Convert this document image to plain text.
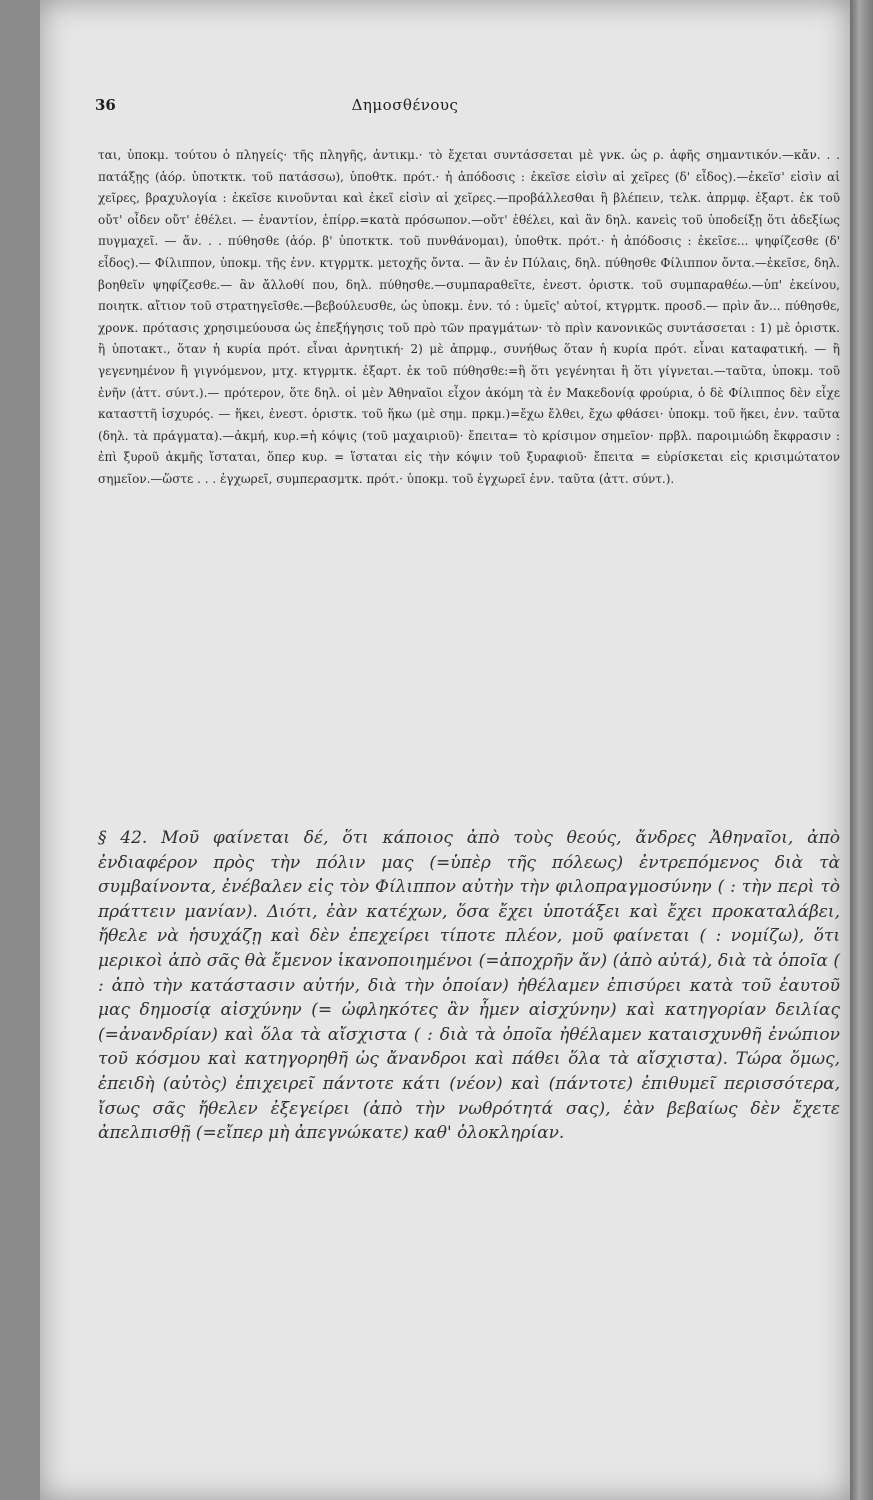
36	Δημοσθένους

ται, ὑποκμ. τούτου ὁ πληγείς· τῆς πληγῆς, ἀντικμ.· τὸ ἔχεται συντάσσεται μὲ γνκ. ὡς ρ. ἁφῆς σημαντικόν.—κἄν. . . πατάξῃς (ἀόρ. ὑποτκτκ. τοῦ πατάσσω), ὑποθτκ. πρότ.· ἡ ἀπόδοσις : ἐκεῖσε εἰσὶν αἱ χεῖρες (δ' εἶδος).—ἐκεῖσ' εἰσὶν αἱ χεῖρες, βραχυλογία : ἐκεῖσε κινοῦνται καὶ ἐκεῖ εἰσὶν αἱ χεῖρες.—προβάλλεσθαι ἢ βλέπειν, τελκ. ἀπρμφ. ἐξαρτ. ἐκ τοῦ οὔτ' οἶδεν οὔτ' ἐθέλει. — ἐναντίον, ἐπίρρ.=κατὰ πρόσωπον.—οὔτ' ἐθέλει, καὶ ἂν δηλ. κανεὶς τοῦ ὑποδείξῃ ὅτι ἀδεξίως πυγμαχεῖ. — ἄν. . . πύθησθε (ἀόρ. β' ὑποτκτκ. τοῦ πυνθάνομαι), ὑποθτκ. πρότ.· ἡ ἀπόδοσις : ἐκεῖσε... ψηφίζεσθε (δ' εἶδος).— Φίλιππον, ὑποκμ. τῆς ἐνν. κτγρμτκ. μετοχῆς ὄντα. — ἂν ἐν Πύλαις, δηλ. πύθησθε Φίλιππον ὄντα.—ἐκεῖσε, δηλ. βοηθεῖν ψηφίζεσθε.— ἂν ἄλλοθί που, δηλ. πύθησθε.—συμπαραθεῖτε, ἐνεστ. ὁριστκ. τοῦ συμπαραθέω.—ὑπ' ἐκείνου, ποιητκ. αἴτιον τοῦ στρατηγεῖσθε.—βεβούλευσθε, ὡς ὑποκμ. ἐνν. τό : ὑμεῖς' αὐτοί, κτγρμτκ. προσδ.— πρὶν ἄν... πύθησθε, χρονκ. πρότασις χρησιμεύουσα ὡς ἐπεξήγησις τοῦ πρὸ τῶν πραγμάτων· τὸ πρὶν κανονικῶς συντάσσεται : 1) μὲ ὁριστκ. ἢ ὑποτακτ., ὅταν ἡ κυρία πρότ. εἶναι ἀρνητική· 2) μὲ ἀπρμφ., συνήθως ὅταν ἡ κυρία πρότ. εἶναι καταφατική. — ἢ γεγενημένον ἢ γιγνόμενον, μτχ. κτγρμτκ. ἐξαρτ. ἐκ τοῦ πύθησθε:=ἢ ὅτι γεγένηται ἢ ὅτι γίγνεται.—ταῦτα, ὑποκμ. τοῦ ἐνῆν (ἀττ. σύντ.).— πρότερον, ὅτε δηλ. οἱ μὲν Ἀθηναῖοι εἶχον ἀκόμη τὰ ἐν Μακεδονίᾳ φρούρια, ὁ δὲ Φίλιππος δὲν εἶχε κατασττῆ ἰσχυρός. — ἥκει, ἐνεστ. ὁριστκ. τοῦ ἥκω (μὲ σημ. πρκμ.)=ἔχω ἔλθει, ἔχω φθάσει· ὑποκμ. τοῦ ἥκει, ἐνν. ταῦτα (δηλ. τὰ πράγματα).—ἀκμή, κυρ.=ἡ κόψις (τοῦ μαχαιριοῦ)· ἔπειτα= τὸ κρίσιμον σημεῖον· πρβλ. παροιμιώδη ἔκφρασιν : ἐπὶ ξυροῦ ἀκμῆς ἵσταται, ὅπερ κυρ. = ἵσταται εἰς τὴν κόψιν τοῦ ξυραφιοῦ· ἔπειτα = εὑρίσκεται εἰς κρισιμώτατον σημεῖον.—ὥστε . . . ἐγχωρεῖ, συμπερασμτκ. πρότ.· ὑποκμ. τοῦ ἐγχωρεῖ ἐνν. ταῦτα (ἀττ. σύντ.).

§ 42. Μοῦ φαίνεται δέ, ὅτι κάποιος ἀπὸ τοὺς θεούς, ἄνδρες Ἀθηναῖοι, ἀπὸ ἐνδιαφέρον πρὸς τὴν πόλιν μας (=ὑπὲρ τῆς πόλεως) ἐντρεπόμενος διὰ τὰ συμβαίνοντα, ἐνέβαλεν εἰς τὸν Φίλιππον αὐτὴν τὴν φιλοπραγμοσύνην ( : τὴν περὶ τὸ πράττειν μανίαν). Διότι, ἐὰν κατέχων, ὅσα ἔχει ὑποτάξει καὶ ἔχει προκαταλάβει, ἤθελε νὰ ἡσυχάζῃ καὶ δὲν ἐπεχείρει τίποτε πλέον, μοῦ φαίνεται ( : νομίζω), ὅτι μερικοὶ ἀπὸ σᾶς θὰ ἔμενον ἱκανοποιημένοι (=ἀποχρῆν ἄν) (ἀπὸ αὐτά), διὰ τὰ ὁποῖα ( : ἀπὸ τὴν κατάστασιν αὐτήν, διὰ τὴν ὁποίαν) ἠθέλαμεν ἐπισύρει κατὰ τοῦ ἑαυτοῦ μας δημοσίᾳ αἰσχύνην (= ὠφληκότες ἂν ἦμεν αἰσχύνην) καὶ κατηγορίαν δειλίας (=ἀνανδρίαν) καὶ ὅλα τὰ αἴσχιστα ( : διὰ τὰ ὁποῖα ἠθέλαμεν καταισχυνθῆ ἐνώπιον τοῦ κόσμου καὶ κατηγορηθῆ ὡς ἄνανδροι καὶ πάθει ὅλα τὰ αἴσχιστα). Τώρα ὅμως, ἐπειδὴ (αὐτὸς) ἐπιχειρεῖ πάντοτε κάτι (νέον) καὶ (πάντοτε) ἐπιθυμεῖ περισσότερα, ἴσως σᾶς ἤθελεν ἐξεγείρει (ἀπὸ τὴν νωθρότητά σας), ἐὰν βεβαίως δὲν ἔχετε ἀπελπισθῇ (=εἴπερ μὴ ἀπεγνώκατε) καθ' ὁλοκληρίαν.
